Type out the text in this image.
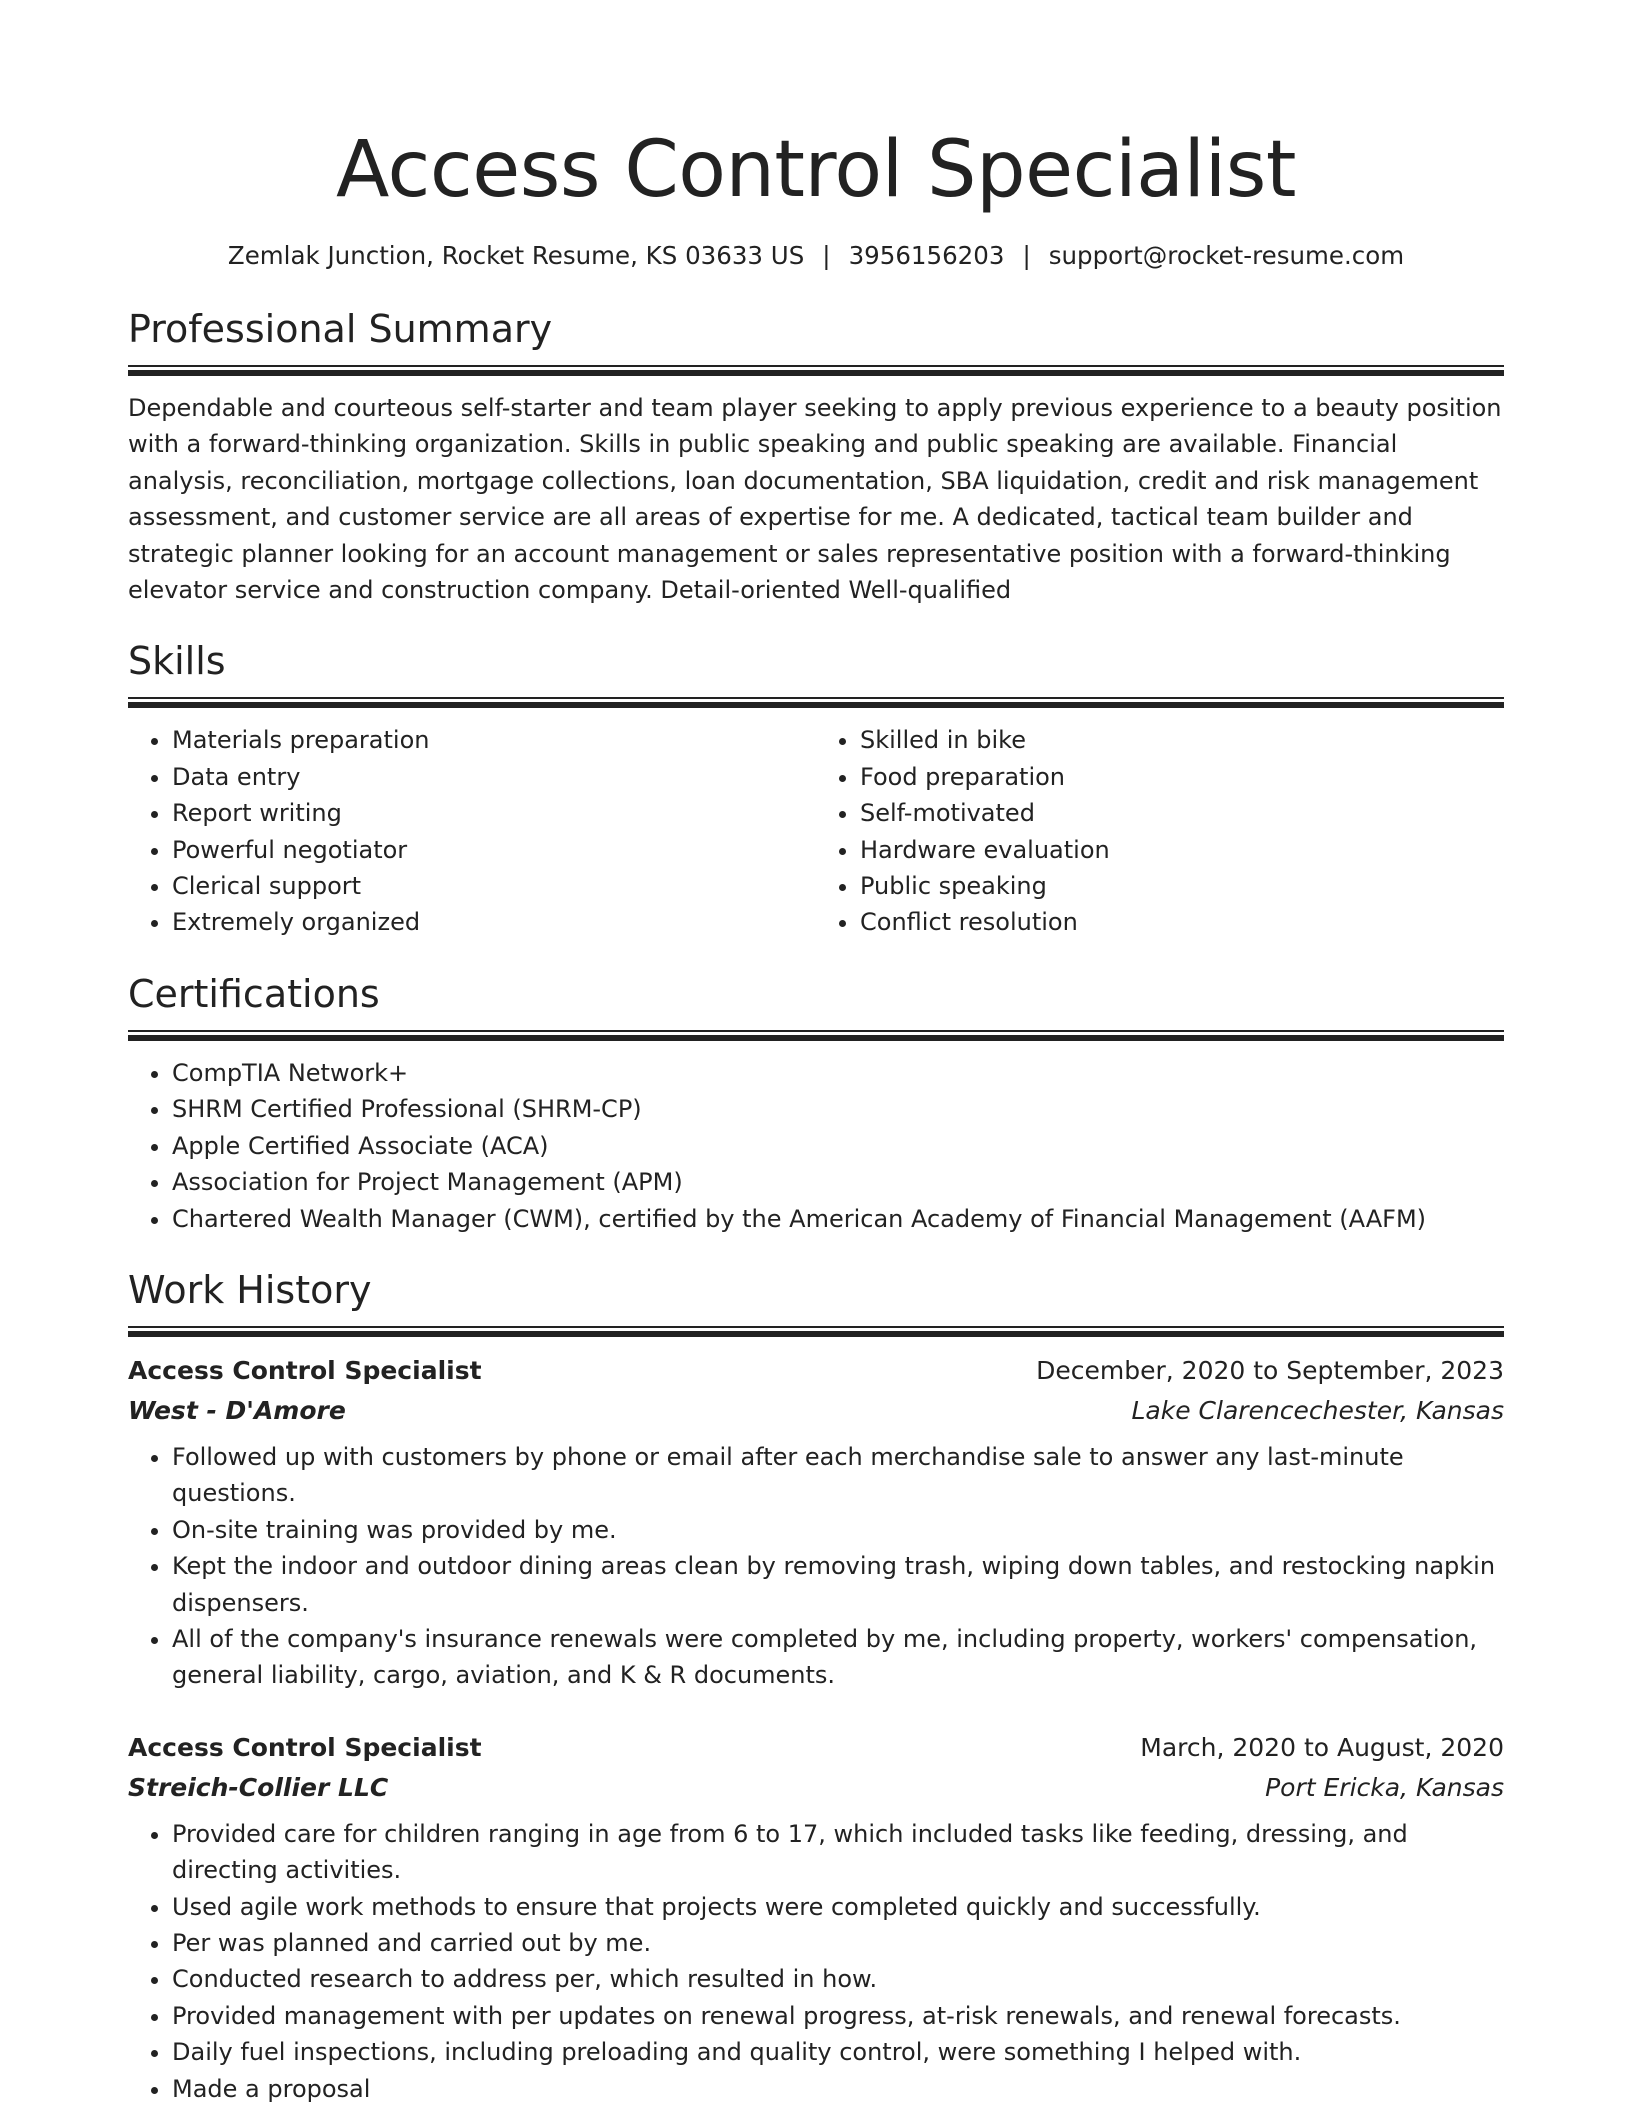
Access Control Specialist
Zemlak Junction, Rocket Resume, KS 03633 US | 3956156203 | support@rocket-resume.com
Professional Summary

Dependable and courteous self-starter and team player seeking to apply previous experience to a beauty position with a forward-thinking organization. Skills in public speaking and public speaking are available. Financial analysis, reconciliation, mortgage collections, loan documentation, SBA liquidation, credit and risk management assessment, and customer service are all areas of expertise for me. A dedicated, tactical team builder and strategic planner looking for an account management or sales representative position with a forward-thinking elevator service and construction company. Detail-oriented Well-qualified

Skills
• Materials preparation
• Data entry
• Report writing
• Powerful negotiator
• Clerical support
• Extremely organized
• Skilled in bike
• Food preparation
• Self-motivated
• Hardware evaluation
• Public speaking
• Conflict resolution
Certifications
• CompTIA Network+
• SHRM Certified Professional (SHRM-CP)
• Apple Certified Associate (ACA)
• Association for Project Management (APM)
• Chartered Wealth Manager (CWM), certified by the American Academy of Financial Management (AAFM)
Work History
Access Control Specialist	December, 2020 to September, 2023
West - D'Amore	Lake Clarencechester, Kansas
• Followed up with customers by phone or email after each merchandise sale to answer any last-minute questions.
• On-site training was provided by me.
• Kept the indoor and outdoor dining areas clean by removing trash, wiping down tables, and restocking napkin dispensers.
• All of the company's insurance renewals were completed by me, including property, workers' compensation, general liability, cargo, aviation, and K & R documents.
Access Control Specialist	March, 2020 to August, 2020
Streich-Collier LLC	Port Ericka, Kansas
• Provided care for children ranging in age from 6 to 17, which included tasks like feeding, dressing, and directing activities.
• Used agile work methods to ensure that projects were completed quickly and successfully.
• Per was planned and carried out by me.
• Conducted research to address per, which resulted in how.
• Provided management with per updates on renewal progress, at-risk renewals, and renewal forecasts.
• Daily fuel inspections, including preloading and quality control, were something I helped with.
• Made a proposal
